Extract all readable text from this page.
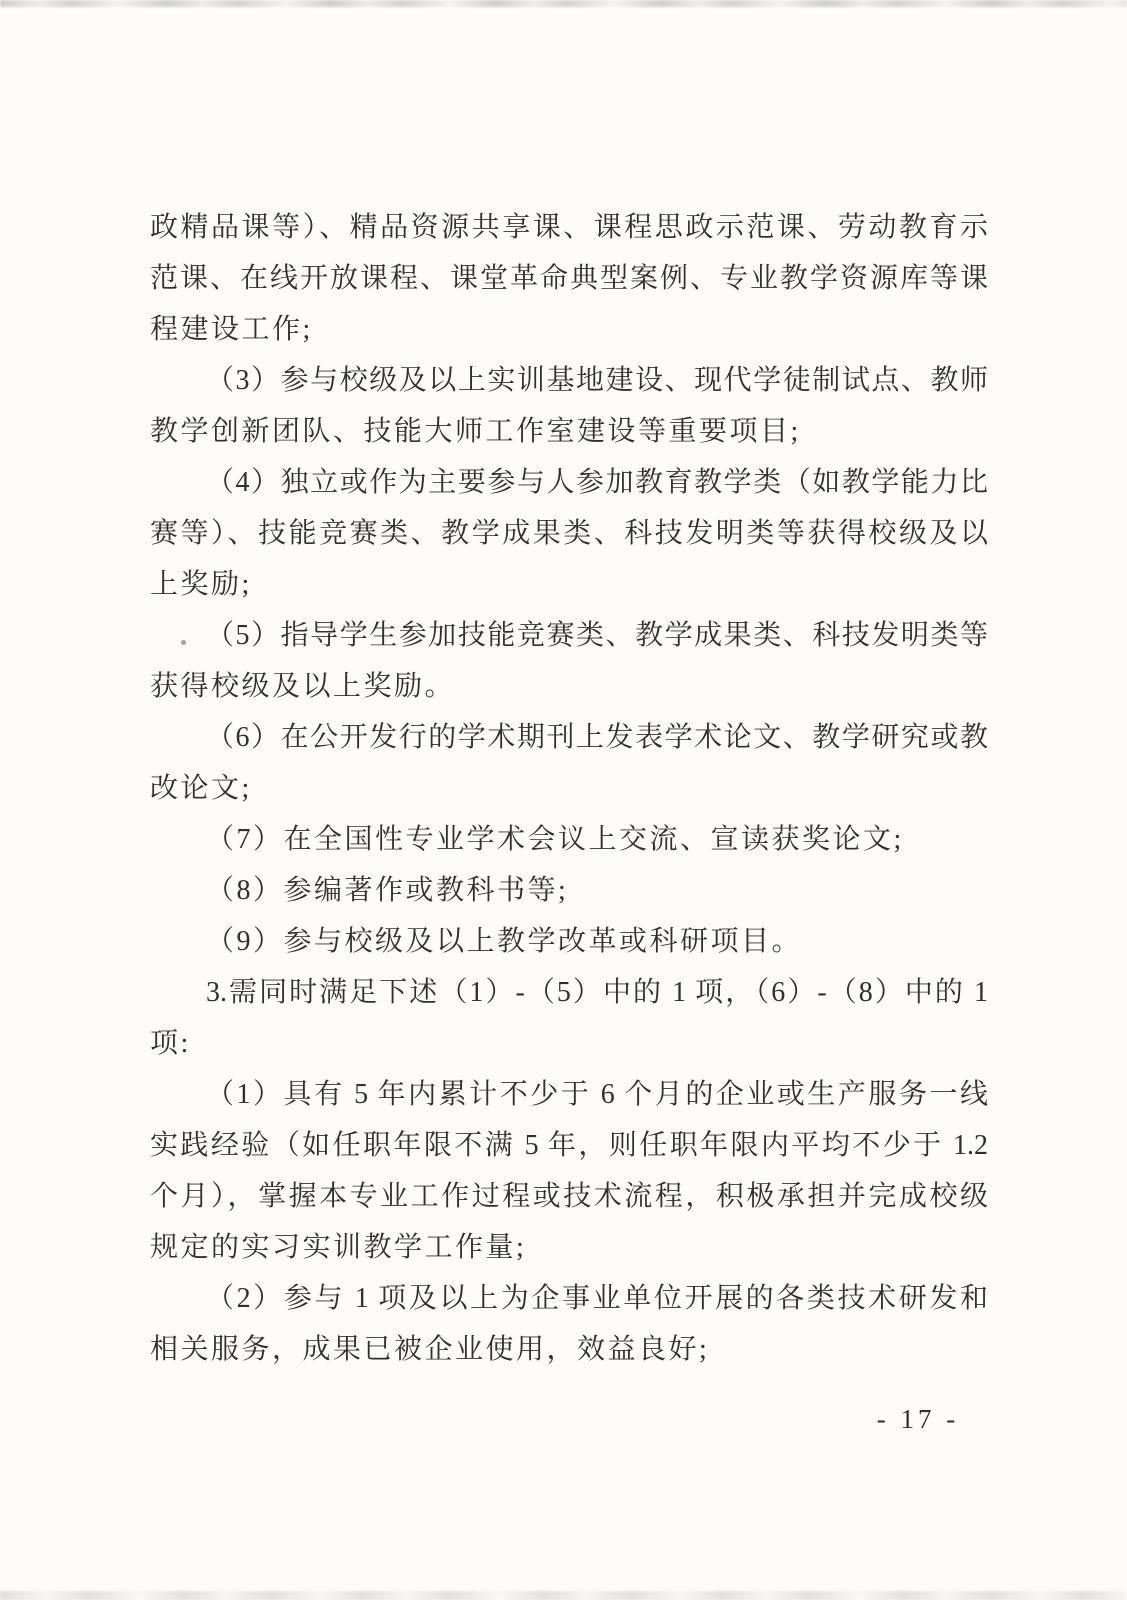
政精品课等）、精品资源共享课、课程思政示范课、劳动教育示
范课、在线开放课程、课堂革命典型案例、专业教学资源库等课
程建设工作;
（3）参与校级及以上实训基地建设、现代学徒制试点、教师
教学创新团队、技能大师工作室建设等重要项目;
（4）独立或作为主要参与人参加教育教学类（如教学能力比
赛等）、技能竞赛类、教学成果类、科技发明类等获得校级及以
上奖励;
（5）指导学生参加技能竞赛类、教学成果类、科技发明类等
获得校级及以上奖励。
（6）在公开发行的学术期刊上发表学术论文、教学研究或教
改论文;
（7）在全国性专业学术会议上交流、宣读获奖论文;
（8）参编著作或教科书等;
（9）参与校级及以上教学改革或科研项目。
3.需同时满足下述（1）-（5）中的 1 项，（6）-（8）中的 1
项:
（1）具有 5 年内累计不少于 6 个月的企业或生产服务一线
实践经验（如任职年限不满 5 年，则任职年限内平均不少于 1.2
个月），掌握本专业工作过程或技术流程，积极承担并完成校级
规定的实习实训教学工作量;
（2）参与 1 项及以上为企事业单位开展的各类技术研发和
相关服务，成果已被企业使用，效益良好;
- 17 -
